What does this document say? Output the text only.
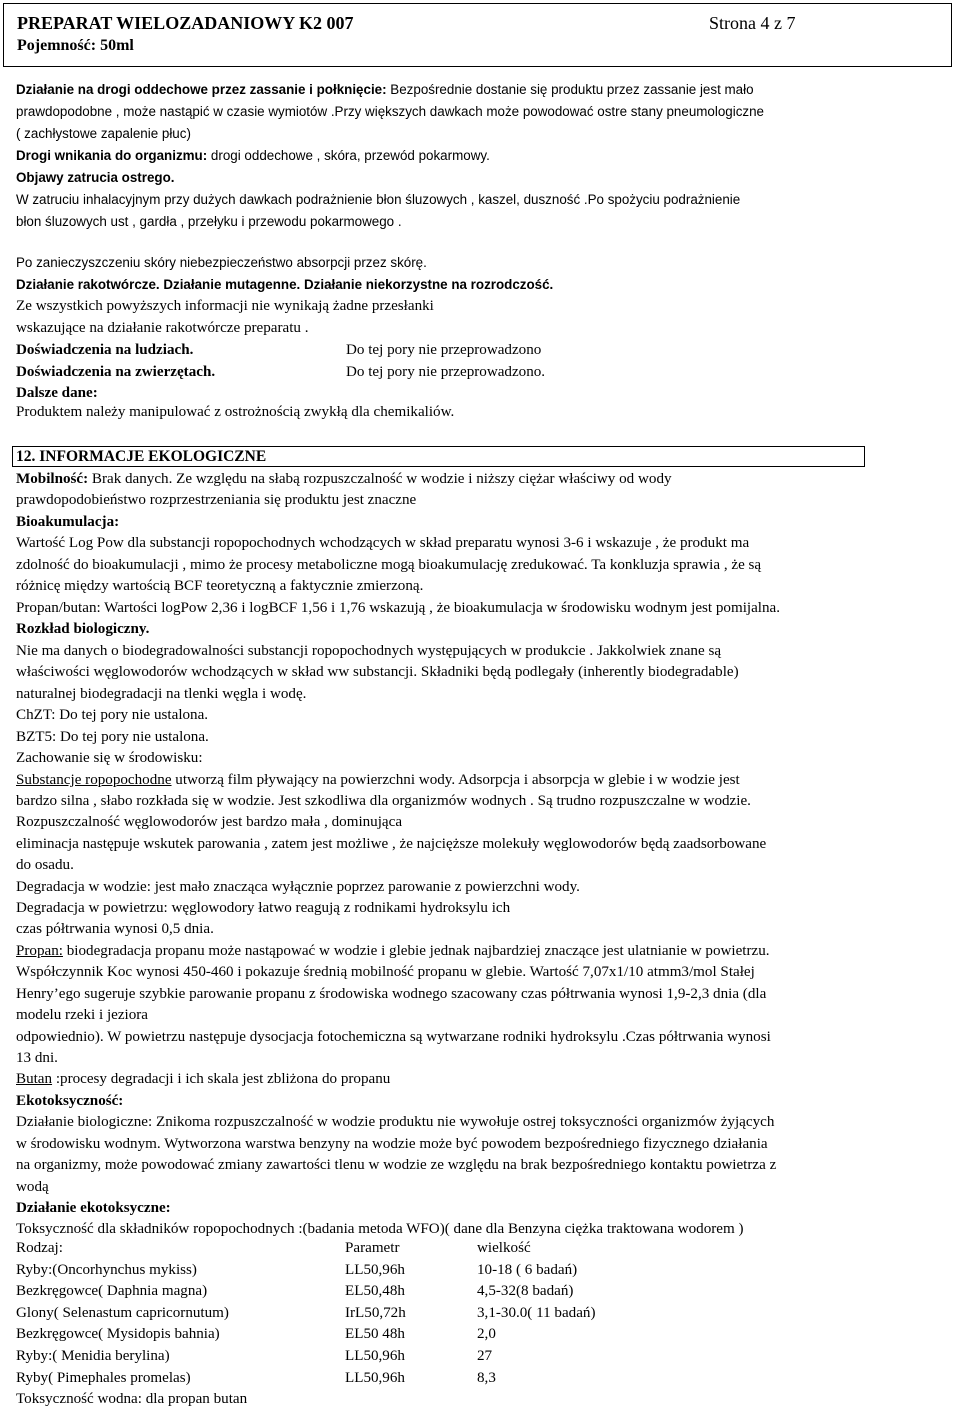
PREPARAT WIELOZADANIOWY K2 007	Strona 4 z 7
Pojemność: 50ml
Działanie na drogi oddechowe przez zassanie i połknięcie: Bezpośrednie dostanie się produktu przez zassanie jest mało
prawdopodobne , może nastąpić w czasie wymiotów .Przy większych dawkach może powodować ostre stany pneumologiczne
( zachłystowe zapalenie płuc)
Drogi wnikania do organizmu: drogi oddechowe , skóra, przewód pokarmowy.
Objawy zatrucia ostrego.
W zatruciu inhalacyjnym przy dużych dawkach podrażnienie błon śluzowych , kaszel, duszność .Po spożyciu podrażnienie
błon śluzowych ust , gardła , przełyku i przewodu pokarmowego .
Po zanieczyszczeniu skóry niebezpieczeństwo absorpcji przez skórę.
Działanie rakotwórcze. Działanie mutagenne. Działanie niekorzystne na rozrodczość.
Ze wszystkich powyższych informacji nie wynikają żadne przesłanki
wskazujące na działanie rakotwórcze preparatu .
Doświadczenia na ludziach.	Do tej pory nie przeprowadzono
Doświadczenia na zwierzętach.	Do tej pory nie przeprowadzono.
Dalsze dane:
Produktem należy manipulować z ostrożnością zwykłą dla chemikaliów.
12. INFORMACJE EKOLOGICZNE
Mobilność: Brak danych. Ze względu na słabą rozpuszczalność w wodzie i niższy ciężar właściwy od wody
prawdopodobieństwo rozprzestrzeniania się produktu jest znaczne
Bioakumulacja:
Wartość Log Pow dla substancji ropopochodnych wchodzących w skład preparatu wynosi 3-6 i wskazuje , że produkt ma
zdolność do bioakumulacji , mimo że procesy metaboliczne mogą bioakumulację zredukować. Ta konkluzja sprawia , że są
różnicę między wartością BCF teoretyczną a faktycznie zmierzoną.
Propan/butan: Wartości logPow 2,36 i logBCF 1,56 i 1,76 wskazują , że bioakumulacja w środowisku wodnym jest pomijalna.
Rozkład biologiczny.
Nie ma danych o biodegradowalności substancji ropopochodnych występujących w produkcie . Jakkolwiek znane są
właściwości węglowodorów wchodzących w skład ww substancji. Składniki będą podlegały (inherently biodegradable)
naturalnej biodegradacji na tlenki węgla i wodę.
ChZT: Do tej pory nie ustalona.
BZT5: Do tej pory nie ustalona.
Zachowanie się w środowisku:
Substancje ropopochodne utworzą film pływający na powierzchni wody. Adsorpcja i absorpcja w glebie i w wodzie jest
bardzo silna , słabo rozkłada się w wodzie. Jest szkodliwa dla organizmów wodnych . Są trudno rozpuszczalne w wodzie.
Rozpuszczalność węglowodorów jest bardzo mała , dominująca
eliminacja następuje wskutek parowania , zatem jest możliwe , że najcięższe molekuły węglowodorów będą zaadsorbowane
do osadu.
Degradacja w wodzie: jest mało znacząca wyłącznie poprzez parowanie z powierzchni wody.
Degradacja w powietrzu: węglowodory łatwo reagują z rodnikami hydroksylu ich
czas półtrwania wynosi 0,5 dnia.
Propan: biodegradacja propanu może nastąpować w wodzie i glebie jednak najbardziej znaczące jest ulatnianie w powietrzu.
Współczynnik Koc wynosi 450-460 i pokazuje średnią mobilność propanu w glebie. Wartość 7,07x1/10 atmm3/mol Stałej
Henry’ego sugeruje szybkie parowanie propanu z środowiska wodnego szacowany czas półtrwania wynosi 1,9-2,3 dnia (dla
modelu rzeki i jeziora
odpowiednio). W powietrzu następuje dysocjacja fotochemiczna są wytwarzane rodniki hydroksylu .Czas półtrwania wynosi
13 dni.
Butan :procesy degradacji i ich skala jest zbliżona do propanu
Ekotoksyczność:
Działanie biologiczne: Znikoma rozpuszczalność w wodzie produktu nie wywołuje ostrej toksyczności organizmów żyjących
w środowisku wodnym. Wytworzona warstwa benzyny na wodzie może być powodem bezpośredniego fizycznego działania
na organizmy, może powodować zmiany zawartości tlenu w wodzie ze względu na brak bezpośredniego kontaktu powietrza z
wodą
Działanie ekotoksyczne:
Toksyczność dla składników ropopochodnych :(badania metoda WFO)( dane dla Benzyna ciężka traktowana wodorem )
Rodzaj:	Parametr	wielkość
Ryby:(Oncorhynchus mykiss)	LL50,96h	10-18 ( 6 badań)
Bezkręgowce( Daphnia magna)	EL50,48h	4,5-32(8 badań)
Glony( Selenastum capricornutum)	IrL50,72h	3,1-30.0( 11 badań)
Bezkręgowce( Mysidopis bahnia)	EL50 48h	2,0
Ryby:( Menidia berylina)	LL50,96h	27
Ryby( Pimephales promelas)	LL50,96h	8,3
Toksyczność wodna: dla propan butan		
